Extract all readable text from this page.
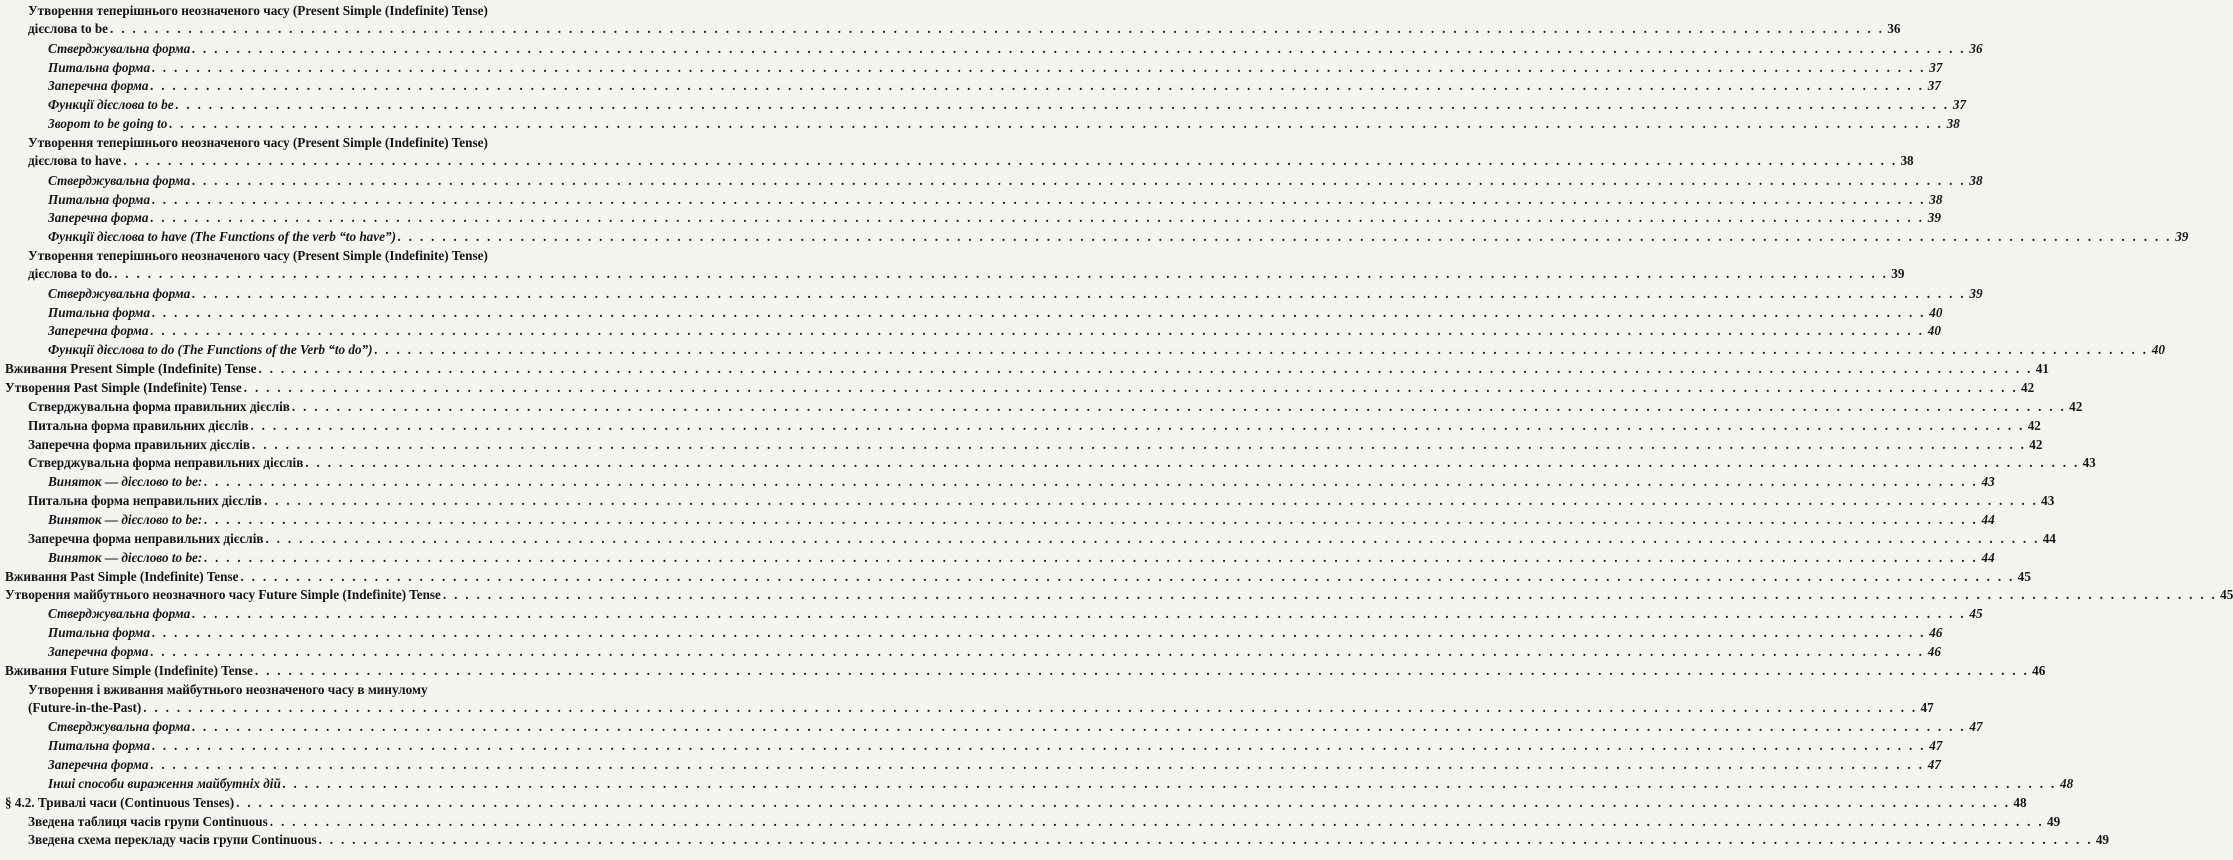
Утворення теперішнього неозначеного часу (Present Simple (Indefinite) Tense)
дієслова to be . . .	36
Стверджувальна форма . . .	36
Питальна форма . . .	37
Заперечна форма . . .	37
Функції дієслова to be . . .	37
Зворот to be going to . . .	38
Утворення теперішнього неозначеного часу (Present Simple (Indefinite) Tense)
дієслова to have . . .	38
Стверджувальна форма . . .	38
Питальна форма . . .	38
Заперечна форма . . .	39
Функції дієслова to have (The Functions of the verb “to have”) . . .	39
Утворення теперішнього неозначеного часу (Present Simple (Indefinite) Tense)
дієслова to do. . . .	39
Стверджувальна форма . . .	39
Питальна форма . . .	40
Заперечна форма . . .	40
Функції дієслова to do (The Functions of the Verb “to do”) . . .	40
Вживання Present Simple (Indefinite) Tense . . .	41
Утворення Past Simple (Indefinite) Tense . . .	42
Стверджувальна форма правильних дієслів . . .	42
Питальна форма правильних дієслів . . .	42
Заперечна форма правильних дієслів . . .	42
Стверджувальна форма неправильних дієслів . . .	43
Виняток — дієслово to be: . . .	43
Питальна форма неправильних дієслів . . .	43
Виняток — дієслово to be: . . .	44
Заперечна форма неправильних дієслів . . .	44
Виняток — дієслово to be: . . .	44
Вживання Past Simple (Indefinite) Tense . . .	45
Утворення майбутнього неозначного часу Future Simple (Indefinite) Tense . . .	45
Стверджувальна форма . . .	45
Питальна форма . . .	46
Заперечна форма . . .	46
Вживання Future Simple (Indefinite) Tense . . .	46
Утворення і вживання майбутнього неозначеного часу в минулому
(Future-in-the-Past) . . .	47
Стверджувальна форма . . .	47
Питальна форма . . .	47
Заперечна форма . . .	47
Інші способи вираження майбутніх дій . . .	48
§ 4.2. Тривалі часи (Continuous Tenses) . . .	48
Зведена таблиця часів групи Continuous . . .	49
Зведена схема перекладу часів групи Continuous . . .	49
